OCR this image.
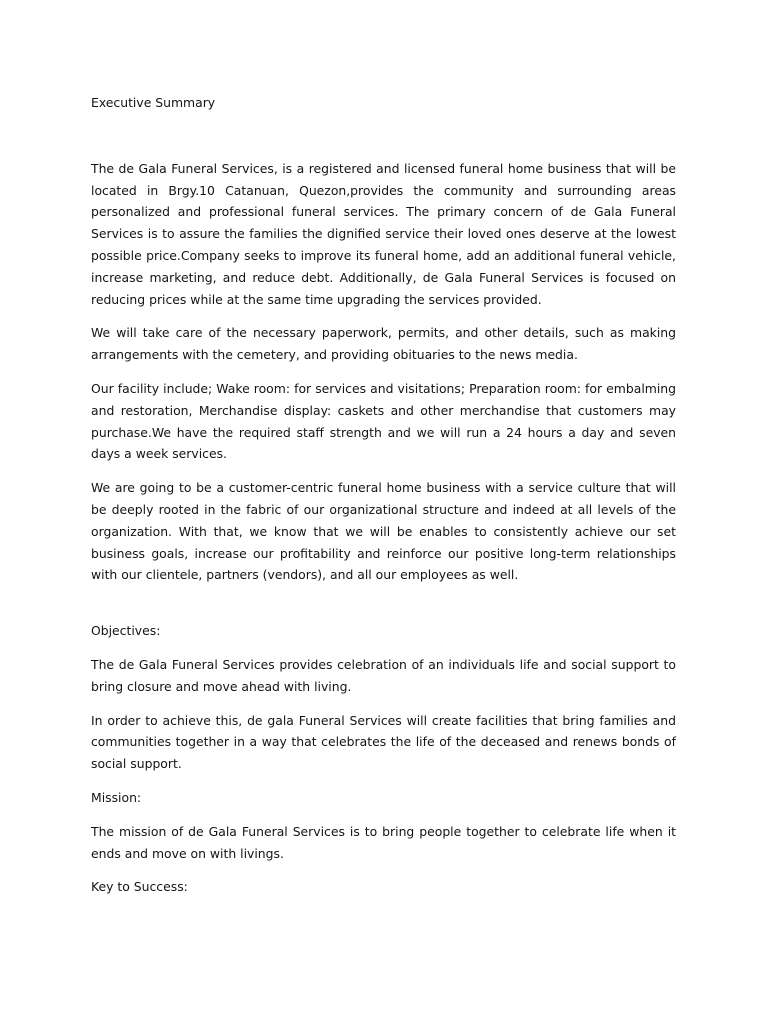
Executive Summary

The de Gala Funeral Services, is a registered and licensed funeral home business that will be located in Brgy.10 Catanuan, Quezon,provides the community and surrounding areas personalized and professional funeral services. The primary concern of de Gala Funeral Services is to assure the families the dignified service their loved ones deserve at the lowest possible price.Company seeks to improve its funeral home, add an additional funeral vehicle, increase marketing, and reduce debt. Additionally, de Gala Funeral Services is focused on reducing prices while at the same time upgrading the services provided.

We will take care of the necessary paperwork, permits, and other details, such as making arrangements with the cemetery, and providing obituaries to the news media.

Our facility include; Wake room: for services and visitations; Preparation room: for embalming and restoration, Merchandise display: caskets and other merchandise that customers may purchase.We have the required staff strength and we will run a 24 hours a day and seven days a week services.

We are going to be a customer-centric funeral home business with a service culture that will be deeply rooted in the fabric of our organizational structure and indeed at all levels of the organization. With that, we know that we will be enables to consistently achieve our set business goals, increase our profitability and reinforce our positive long-term relationships with our clientele, partners (vendors), and all our employees as well.

Objectives:

The de Gala Funeral Services provides celebration of an individuals life and social support to bring closure and move ahead with living.

In order to achieve this, de gala Funeral Services will create facilities that bring families and communities together in a way that celebrates the life of the deceased and renews bonds of social support.

Mission:

The mission of de Gala Funeral Services is to bring people together to celebrate life when it ends and move on with livings.

Key to Success:
